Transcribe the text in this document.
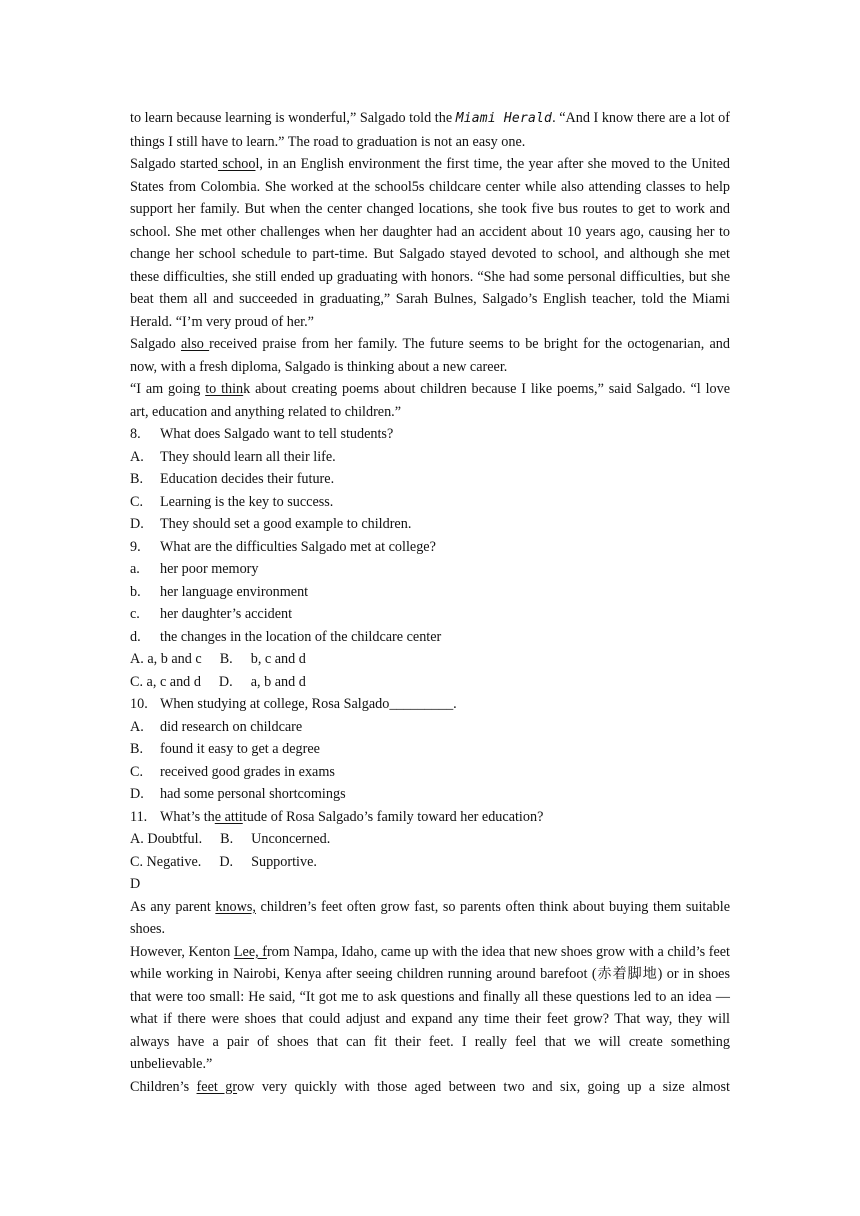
to learn because learning is wonderful,” Salgado told the Miami Herald. “And I know there are a lot of things I still have to learn.” The road to graduation is not an easy one.

Salgado started school, in an English environment the first time, the year after she moved to the United States from Colombia. She worked at the school5s childcare center while also attending classes to help support her family. But when the center changed locations, she took five bus routes to get to work and school. She met other challenges when her daughter had an accident about 10 years ago, causing her to change her school schedule to part-time. But Salgado stayed devoted to school, and although she met these difficulties, she still ended up graduating with honors. “She had some personal difficulties, but she beat them all and succeeded in graduating,” Sarah Bulnes, Salgado’s English teacher, told the Miami Herald. “I’m very proud of her.”

Salgado also received praise from her family. The future seems to be bright for the octogenarian, and now, with a fresh diploma, Salgado is thinking about a new career.

“I am going to think about creating poems about children because I like poems,” said Salgado. “l love art, education and anything related to children.”

8.	What does Salgado want to tell students?
A.	They should learn all their life.
B.	Education decides their future.
C.	Learning is the key to success.
D.	They should set a good example to children.
9.	What are the difficulties Salgado met at college?
a.	her poor memory
b.	her language environment
c.	her daughter’s accident
d.	the changes in the location of the childcare center

A. a, b and c B. b, c and d

C. a, c and d D. a, b and d

10. When studying at college, Rosa Salgado_________.
A.	did research on childcare
B.	found it easy to get a degree
C.	received good grades in exams
D.	had some personal shortcomings
11. What’s the attitude of Rosa Salgado’s family toward her education?

A. Doubtful. B. Unconcerned.

C. Negative. D. Supportive.

D

As any parent knows, children’s feet often grow fast, so parents often think about buying them suitable shoes.

However, Kenton Lee, from Nampa, Idaho, came up with the idea that new shoes grow with a child’s feet while working in Nairobi, Kenya after seeing children running around barefoot (赤着脚地) or in shoes that were too small: He said, “It got me to ask questions and finally all these questions led to an idea — what if there were shoes that could adjust and expand any time their feet grow? That way, they will always have a pair of shoes that can fit their feet. I really feel that we will create something unbelievable.”

Children’s feet grow very quickly with those aged between two and six, going up a size almost
